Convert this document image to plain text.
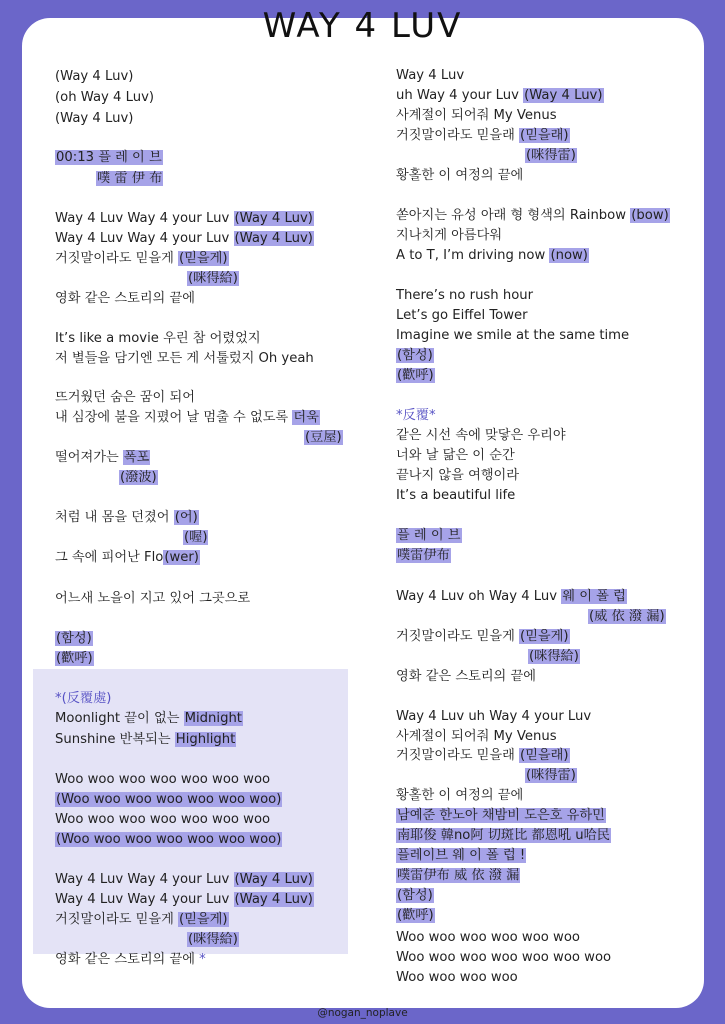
WAY 4 LUV
(Way 4 Luv)
(oh Way 4 Luv)
(Way 4 Luv)
00:13 플 레 이 브
噗 雷 伊 布
Way 4 Luv Way 4 your Luv (Way 4 Luv)
Way 4 Luv Way 4 your Luv (Way 4 Luv)
거짓말이라도 믿을게 (믿을게)
(咪得給)
영화 같은 스토리의 끝에
It’s like a movie 우린 참 어렸었지
저 별들을 담기엔 모든 게 서툴렀지 Oh yeah
뜨거웠던 숨은 꿈이 되어
내 심장에 불을 지폈어 날 멈출 수 없도록 더욱
(豆屋)
떨어져가는 폭포
(潑波)
처럼 내 몸을 던졌어 (어)
(喔)
그 속에 피어난 Flo(wer)
어느새 노을이 지고 있어 그곳으로
(함성)
(歡呼)
*(反覆處)
Moonlight 끝이 없는 Midnight
Sunshine 반복되는 Highlight
Woo woo woo woo woo woo woo
(Woo woo woo woo woo woo woo)
Woo woo woo woo woo woo woo
(Woo woo woo woo woo woo woo)
Way 4 Luv Way 4 your Luv (Way 4 Luv)
Way 4 Luv Way 4 your Luv (Way 4 Luv)
거짓말이라도 믿을게 (믿을게)
(咪得給)
영화 같은 스토리의 끝에 *
Way 4 Luv
uh Way 4 your Luv (Way 4 Luv)
사계절이 되어줘 My Venus
거짓말이라도 믿을래 (믿을래)
(咪得雷)
황홀한 이 여정의 끝에
쏟아지는 유성 아래 형 형색의 Rainbow (bow)
지나치게 아름다워
A to T, I’m driving now (now)
There’s no rush hour
Let’s go Eiffel Tower
Imagine we smile at the same time
(함성)
(歡呼)
*反覆*
같은 시선 속에 맞닿은 우리야
너와 날 닮은 이 순간
끝나지 않을 여행이라
It’s a beautiful life
플 레 이 브
噗雷伊布
Way 4 Luv oh Way 4 Luv 웨 이 폴 럽
(威 依 潑 漏)
거짓말이라도 믿을게 (믿을게)
(咪得給)
영화 같은 스토리의 끝에
Way 4 Luv uh Way 4 your Luv
사계절이 되어줘 My Venus
거짓말이라도 믿을래 (믿을래)
(咪得雷)
황홀한 이 여정의 끝에
남예준 한노아 채밤비 도은호 유하민
南耶俊 韓no阿 切斑比 都恩吼 u哈民
플레이브 웨 이 폴 럽 !
噗雷伊布 威 依 潑 漏
(함성)
(歡呼)
Woo woo woo woo woo woo
Woo woo woo woo woo woo woo
Woo woo woo woo
@nogan_noplave
